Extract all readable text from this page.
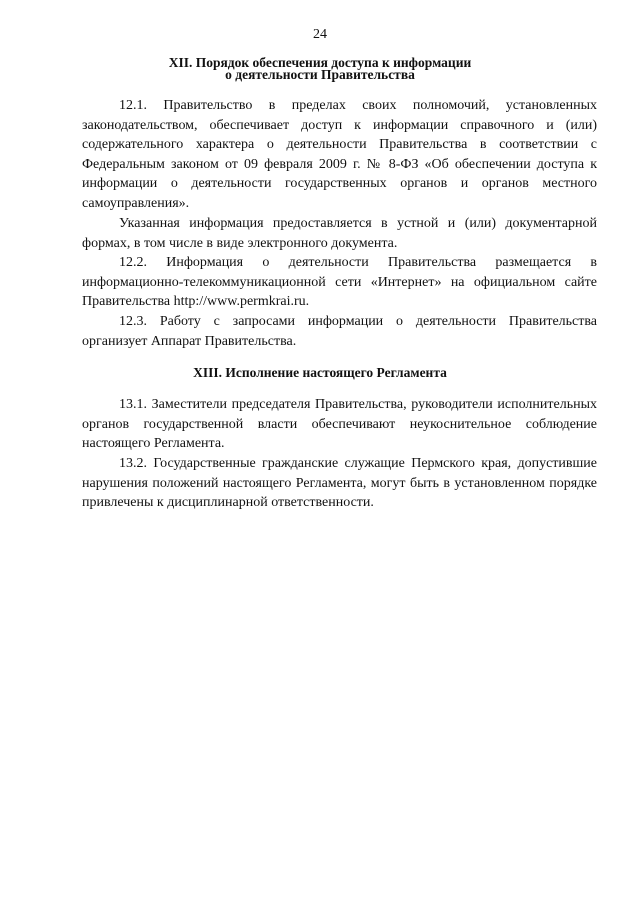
24
XII. Порядок обеспечения доступа к информации
о деятельности Правительства

12.1. Правительство в пределах своих полномочий, установленных законодательством, обеспечивает доступ к информации справочного и (или) содержательного характера о деятельности Правительства в соответствии с Федеральным законом от 09 февраля 2009 г. № 8-ФЗ «Об обеспечении доступа к информации о деятельности государственных органов и органов местного самоуправления».

Указанная информация предоставляется в устной и (или) документарной формах, в том числе в виде электронного документа.

12.2. Информация о деятельности Правительства размещается в информационно-телекоммуникационной сети «Интернет» на официальном сайте Правительства http://www.permkrai.ru.

12.3. Работу с запросами информации о деятельности Правительства организует Аппарат Правительства.

XIII. Исполнение настоящего Регламента

13.1. Заместители председателя Правительства, руководители исполнительных органов государственной власти обеспечивают неукоснительное соблюдение настоящего Регламента.

13.2. Государственные гражданские служащие Пермского края, допустившие нарушения положений настоящего Регламента, могут быть в установленном порядке привлечены к дисциплинарной ответственности.
